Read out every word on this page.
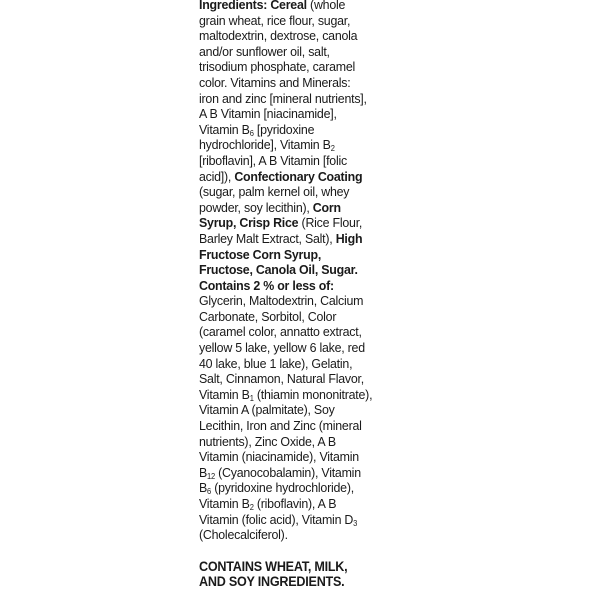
Ingredients: Cereal (whole
grain wheat, rice flour, sugar,
maltodextrin, dextrose, canola
and/or sunflower oil, salt,
trisodium phosphate, caramel
color. Vitamins and Minerals:
iron and zinc [mineral nutrients],
A B Vitamin [niacinamide],
Vitamin $B_6$ [pyridoxine
hydrochloride], Vitamin $B_2$
[riboflavin], A B Vitamin [folic
acid]), Confectionary Coating
(sugar, palm kernel oil, whey
powder, soy lecithin), Corn
Syrup, Crisp Rice (Rice Flour,
Barley Malt Extract, Salt), High
Fructose Corn Syrup,
Fructose, Canola Oil, Sugar.
Contains 2 % or less of:
Glycerin, Maltodextrin, Calcium
Carbonate, Sorbitol, Color
(caramel color, annatto extract,
yellow 5 lake, yellow 6 lake, red
40 lake, blue 1 lake), Gelatin,
Salt, Cinnamon, Natural Flavor,
Vitamin $B_1$ (thiamin mononitrate),
Vitamin A (palmitate), Soy
Lecithin, Iron and Zinc (mineral
nutrients), Zinc Oxide, A B
Vitamin (niacinamide), Vitamin
$B_{12}$ (Cyanocobalamin), Vitamin
$B_6$ (pyridoxine hydrochloride),
Vitamin $B_2$ (riboflavin), A B
Vitamin (folic acid), Vitamin $D_3$
(Cholecalciferol).
CONTAINS WHEAT, MILK,
AND SOY INGREDIENTS.
